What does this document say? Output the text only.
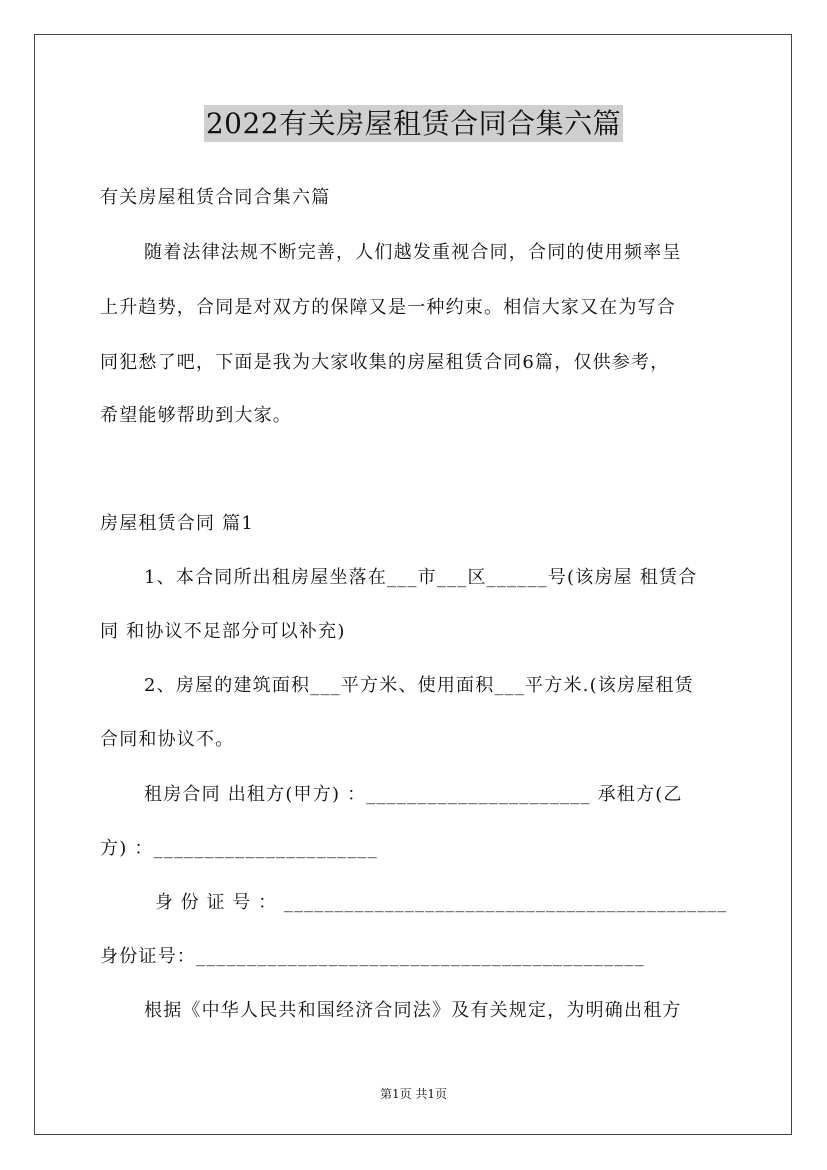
2022有关房屋租赁合同合集六篇
有关房屋租赁合同合集六篇
随着法律法规不断完善，人们越发重视合同，合同的使用频率呈
上升趋势，合同是对双方的保障又是一种约束。相信大家又在为写合
同犯愁了吧，下面是我为大家收集的房屋租赁合同6篇，仅供参考，
希望能够帮助到大家。
房屋租赁合同 篇1
1、本合同所出租房屋坐落在___市___区______号(该房屋 租赁合
同 和协议不足部分可以补充)
2、房屋的建筑面积___平方米、使用面积___平方米.(该房屋租赁
合同和协议不。
租房合同 出租方(甲方) ：______________________ 承租方(乙
方) ：______________________
身 份 证 号 ： ____________________________________________
身份证号：____________________________________________
根据《中华人民共和国经济合同法》及有关规定，为明确出租方
第1页 共1页
